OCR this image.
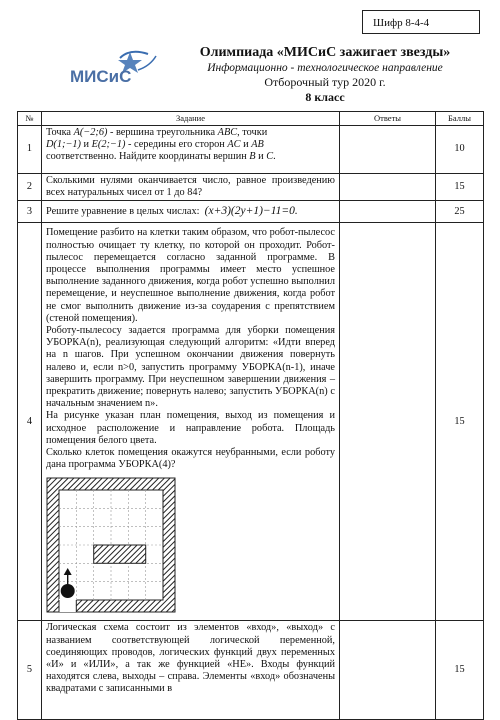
Шифр 8-4-4
МИСиС
Олимпиада «МИСиС зажигает звезды»
Информационно - технологическое направление
Отборочный тур 2020 г.
8 класс
№	Задание	Ответы	Баллы
1	Точка A(−2;6) - вершина треугольника ABC, точки

D(1;−1) и E(2;−1) - середины его сторон AC и AB

соответственно. Найдите координаты вершин B и C.		10
2	Сколькими нулями оканчивается число, равное произведению всех натуральных чисел от 1 до 84?		15
3	Решите уравнение в целых числах: (x+3)(2y+1)−11=0.		25
4	Помещение разбито на клетки таким образом, что робот-пылесос полностью очищает ту клетку, по которой он проходит. Робот-пылесос перемещается согласно заданной программе. В процессе выполнения программы имеет место успешное выполнение заданного движения, когда робот успешно выполнил перемещение, и неуспешное выполнение движения, когда робот не смог выполнить движение из-за соударения с препятствием (стеной помещения).

Роботу-пылесосу задается программа для уборки помещения УБОРКА(n), реализующая следующий алгоритм: «Идти вперед на n шагов. При успешном окончании движения повернуть налево и, если n>0, запустить программу УБОРКА(n-1), иначе завершить программу. При неуспешном завершении движения – прекратить движение; повернуть налево; запустить УБОРКА(n) с начальным значением n».

На рисунке указан план помещения, выход из помещения и исходное расположение и направление робота. Площадь помещения белого цвета.

Сколько клеток помещения окажутся неубранными, если роботу дана программа УБОРКА(4)?		15
5	Логическая схема состоит из элементов «вход», «выход» с названием соответствующей логической переменной, соединяющих проводов, логических функций двух переменных «И» и «ИЛИ», а так же функцией «НЕ». Входы функций находятся слева, выходы – справа. Элементы «вход» обозначены квадратами с записанными в		15
